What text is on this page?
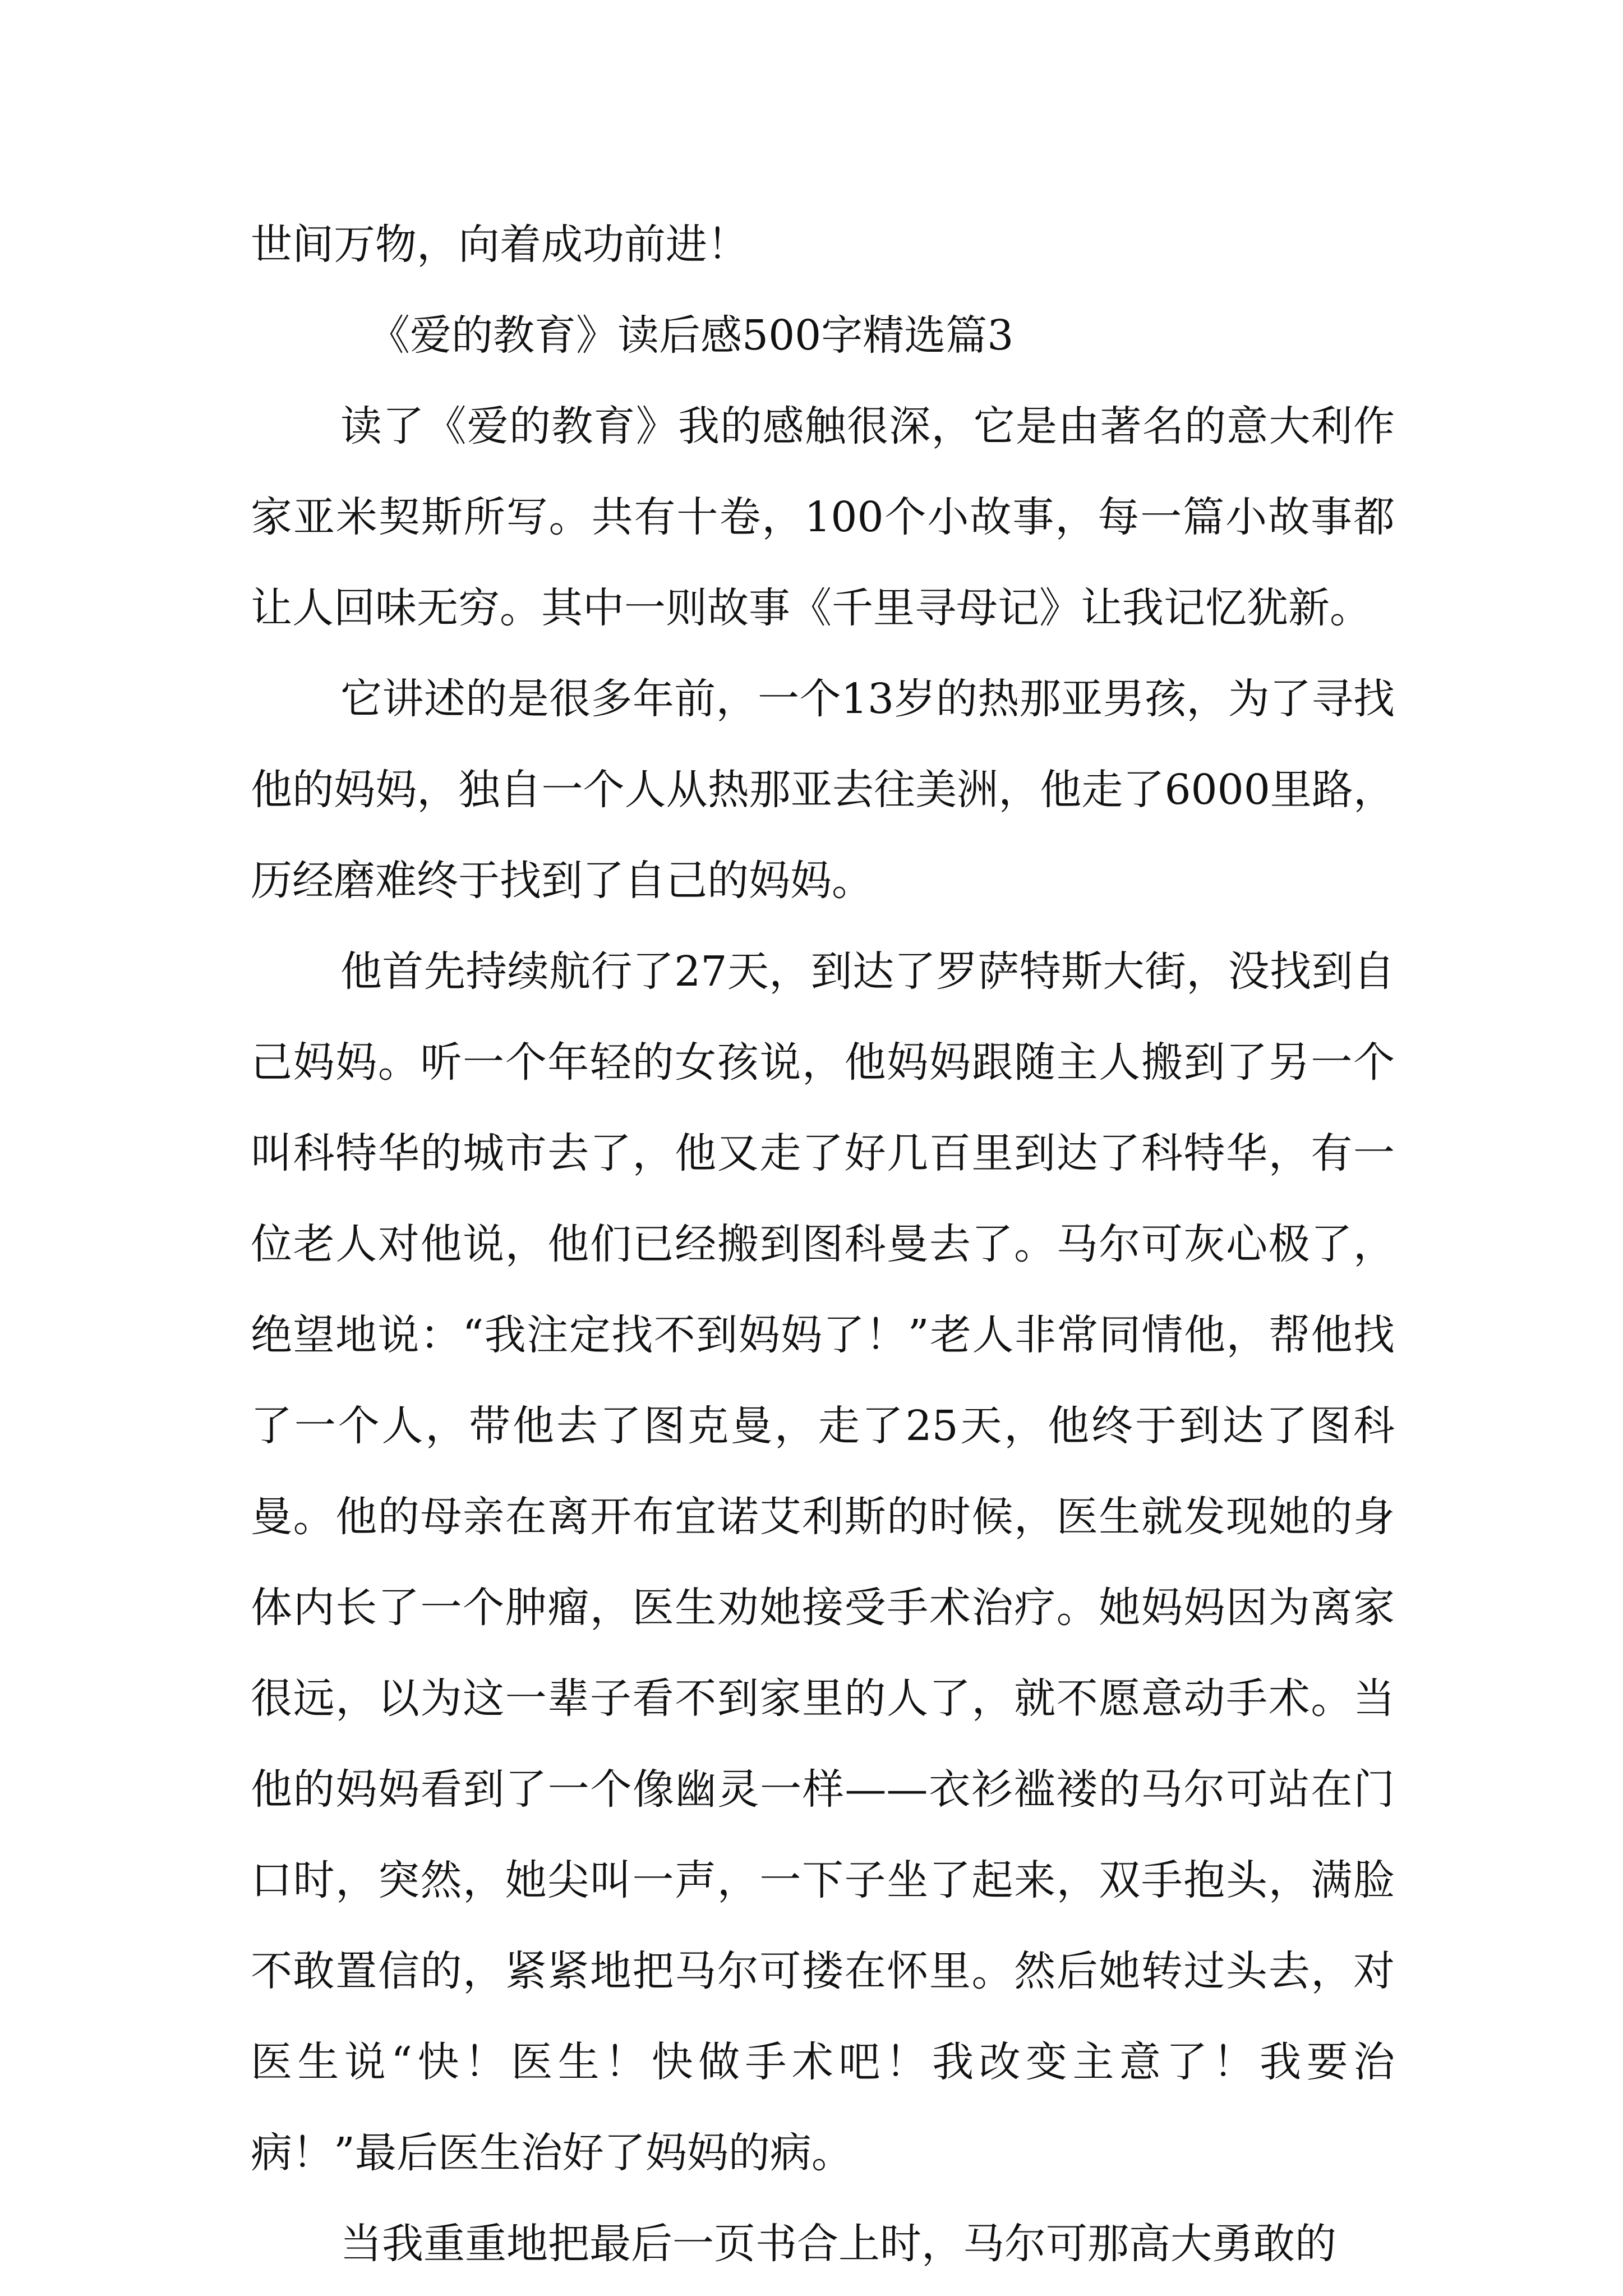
世间万物，向着成功前进！

《爱的教育》读后感500字精选篇3

读了《爱的教育》我的感触很深，它是由著名的意大利作家亚米契斯所写。共有十卷，100个小故事，每一篇小故事都让人回味无穷。其中一则故事《千里寻母记》让我记忆犹新。

它讲述的是很多年前，一个13岁的热那亚男孩，为了寻找他的妈妈，独自一个人从热那亚去往美洲，他走了6000里路，历经磨难终于找到了自己的妈妈。

他首先持续航行了27天，到达了罗萨特斯大街，没找到自己妈妈。听一个年轻的女孩说，他妈妈跟随主人搬到了另一个叫科特华的城市去了，他又走了好几百里到达了科特华，有一位老人对他说，他们已经搬到图科曼去了。马尔可灰心极了，绝望地说：“我注定找不到妈妈了！”老人非常同情他，帮他找了一个人，带他去了图克曼，走了25天，他终于到达了图科曼。他的母亲在离开布宜诺艾利斯的时候，医生就发现她的身体内长了一个肿瘤，医生劝她接受手术治疗。她妈妈因为离家很远，以为这一辈子看不到家里的人了，就不愿意动手术。当他的妈妈看到了一个像幽灵一样——衣衫褴褛的马尔可站在门口时，突然，她尖叫一声，一下子坐了起来，双手抱头，满脸不敢置信的，紧紧地把马尔可搂在怀里。然后她转过头去，对医生说“快！医生！快做手术吧！我改变主意了！我要治病！”最后医生治好了妈妈的病。

当我重重地把最后一页书合上时，马尔可那高大勇敢的
